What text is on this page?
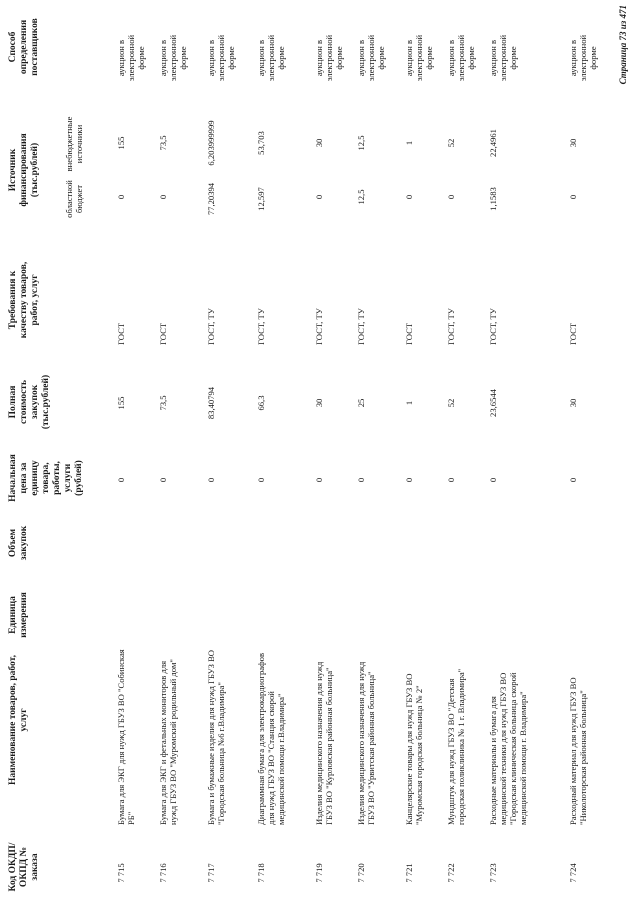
Код ОКДП/ ОКПД № заказа
Наименование товаров, работ, услуг
Единица измерения
Объем закупок
Начальная цена за единицу товара, работы, услуги (рублей)
Полная стоимость закупок (тыс.рублей)
Требования к качеству товаров, работ, услуг
Источник финансирования (тыс.рублей)
областной бюджет
внебюджетные источники
Способ определения поставщиков
7 715
Бумага для ЭКГ для нужд ГБУЗ ВО "Собинская РБ"
0
155
ГОСТ
0
155
аукцион в электронной форме
7 716
Бумага для ЭКГ и фетальных мониторов для нужд ГБУЗ ВО "Муромский родильный дом"
0
73,5
ГОСТ
0
73,5
аукцион в электронной форме
7 717
Бумага и бумажные изделия для нужд ГБУЗ ВО "Городская больница №6 г.Владимира"
0
83,40794
ГОСТ, ТУ
77,20394
6,203999999
аукцион в электронной форме
7 718
Диаграммная бумага для электрокардиографов для нужд ГБУЗ ВО "Станция скорой медицинской помощи г.Владимира"
0
66,3
ГОСТ, ТУ
12,597
53,703
аукцион в электронной форме
7 719
Изделия медицинского назначения для нужд ГБУЗ ВО "Курловская районная больница"
0
30
ГОСТ, ТУ
0
30
аукцион в электронной форме
7 720
Изделия медицинского назначения для нужд ГБУЗ ВО "Урвитская районная больница"
0
25
ГОСТ, ТУ
12,5
12,5
аукцион в электронной форме
7 721
Канцелярские товары для нужд ГБУЗ ВО "Муромская городская больница № 2"
0
1
ГОСТ
0
1
аукцион в электронной форме
7 722
Мундштук для нужд ГБУЗ ВО "Детская городская поликлиника № 1 г. Владимира"
0
52
ГОСТ, ТУ
0
52
аукцион в электронной форме
7 723
Расходные материалы и бумага для медицинской техники для нужд ГБУЗ ВО "Городская клиническая больница скорой медицинской помощи г. Владимира"
0
23,6544
ГОСТ, ТУ
1,1583
22,4961
аукцион в электронной форме
7 724
Расходный материал для нужд ГБУЗ ВО "Николоторская районная больница"
0
30
ГОСТ
0
30
аукцион в электронной форме Страница 73 из 471
